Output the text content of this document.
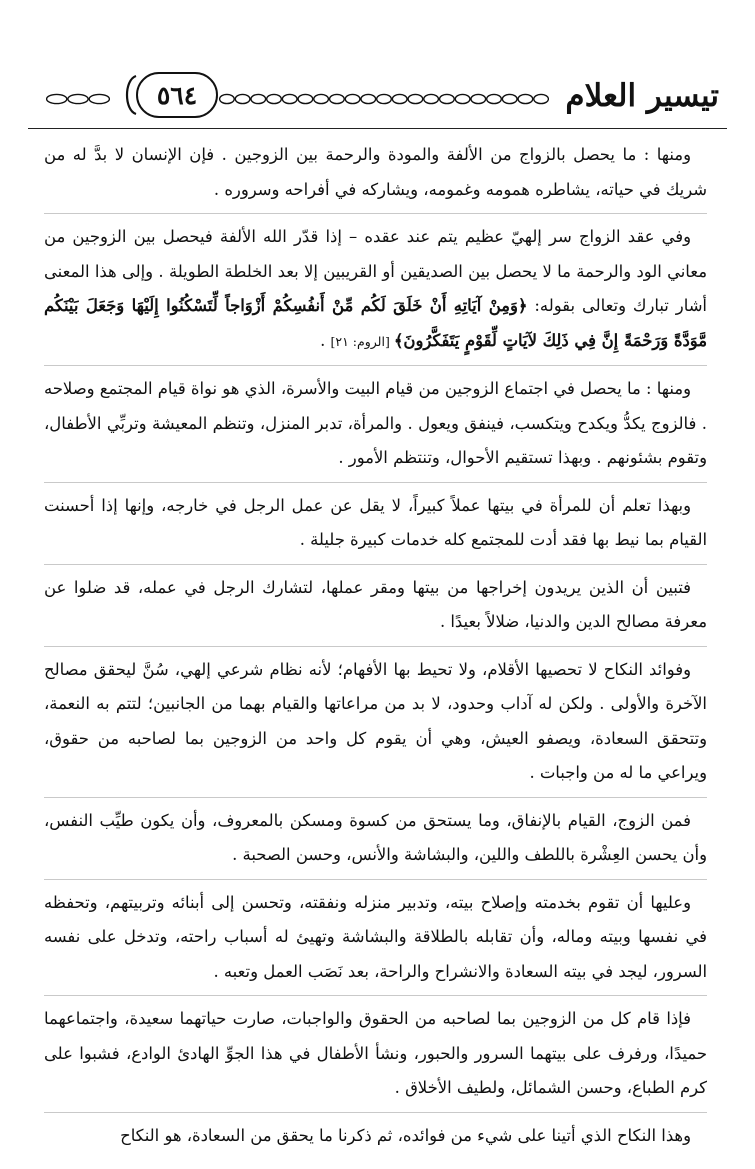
تيسير العلام
٥٦٤

ومنها : ما يحصل بالزواج من الألفة والمودة والرحمة بين الزوجين . فإن الإنسان لا بدَّ له من شريك في حياته، يشاطره همومه وغمومه، ويشاركه في أفراحه وسروره .

وفي عقد الزواج سر إلهيّ عظيم يتم عند عقده – إذا قدّر الله الألفة فيحصل بين الزوجين من معاني الود والرحمة ما لا يحصل بين الصديقين أو القريبين إلا بعد الخلطة الطويلة . وإلى هذا المعنى أشار تبارك وتعالى بقوله: ﴿وَمِنْ آيَاتِهِ أَنْ خَلَقَ لَكُم مِّنْ أَنفُسِكُمْ أَزْوَاجاً لِّتَسْكُنُوا إِلَيْهَا وَجَعَلَ بَيْنَكُم مَّوَدَّةً وَرَحْمَةً إِنَّ فِي ذَلِكَ لآيَاتٍ لِّقَوْمٍ يَتَفَكَّرُونَ﴾ [الروم: ٢١] .

ومنها : ما يحصل في اجتماع الزوجين من قيام البيت والأسرة، الذي هو نواة قيام المجتمع وصلاحه . فالزوج يكدُّ ويكدح ويتكسب، فينفق ويعول . والمرأة، تدبر المنزل، وتنظم المعيشة وتربِّي الأطفال، وتقوم بشئونهم . وبهذا تستقيم الأحوال، وتنتظم الأمور .

وبهذا تعلم أن للمرأة في بيتها عملاً كبيراً، لا يقل عن عمل الرجل في خارجه، وإنها إذا أحسنت القيام بما نيط بها فقد أدت للمجتمع كله خدمات كبيرة جليلة .

فتبين أن الذين يريدون إخراجها من بيتها ومقر عملها، لتشارك الرجل في عمله، قد ضلوا عن معرفة مصالح الدين والدنيا، ضلالاً بعيدًا .

وفوائد النكاح لا تحصيها الأقلام، ولا تحيط بها الأفهام؛ لأنه نظام شرعي إلهي، سُنَّ ليحقق مصالح الآخرة والأولى . ولكن له آداب وحدود، لا بد من مراعاتها والقيام بهما من الجانبين؛ لتتم به النعمة، وتتحقق السعادة، ويصفو العيش، وهي أن يقوم كل واحد من الزوجين بما لصاحبه من حقوق، ويراعي ما له من واجبات .

فمن الزوج، القيام بالإنفاق، وما يستحق من كسوة ومسكن بالمعروف، وأن يكون طيِّب النفس، وأن يحسن العِشْرة باللطف واللين، والبشاشة والأنس، وحسن الصحبة .

وعليها أن تقوم بخدمته وإصلاح بيته، وتدبير منزله ونفقته، وتحسن إلى أبنائه وتربيتهم، وتحفظه في نفسها وبيته وماله، وأن تقابله بالطلاقة والبشاشة وتهيئ له أسباب راحته، وتدخل على نفسه السرور، ليجد في بيته السعادة والانشراح والراحة، بعد نَصَب العمل وتعبه .

فإذا قام كل من الزوجين بما لصاحبه من الحقوق والواجبات، صارت حياتهما سعيدة، واجتماعهما حميدًا، ورفرف على بيتهما السرور والحبور، ونشأ الأطفال في هذا الجوِّ الهادئ الوادع، فشبوا على كرم الطباع، وحسن الشمائل، ولطيف الأخلاق .

وهذا النكاح الذي أتينا على شيء من فوائده، ثم ذكرنا ما يحقق من السعادة، هو النكاح
